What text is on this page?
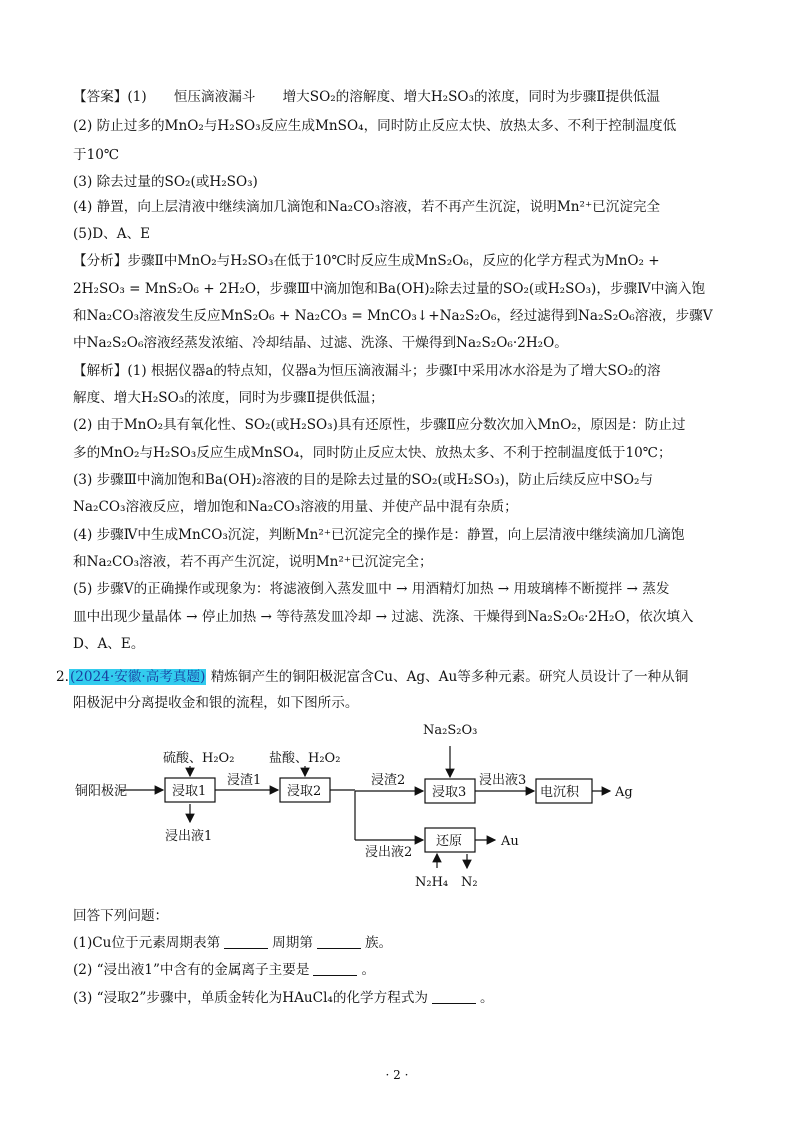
【答案】(1)　　恒压滴液漏斗　　增大SO₂的溶解度、增大H₂SO₃的浓度，同时为步骤Ⅱ提供低温
(2) 防止过多的MnO₂与H₂SO₃反应生成MnSO₄，同时防止反应太快、放热太多、不利于控制温度低
于10℃
(3) 除去过量的SO₂(或H₂SO₃)
(4) 静置，向上层清液中继续滴加几滴饱和Na₂CO₃溶液，若不再产生沉淀，说明Mn²⁺已沉淀完全
(5)D、A、E
【分析】步骤Ⅱ中MnO₂与H₂SO₃在低于10℃时反应生成MnS₂O₆，反应的化学方程式为MnO₂ +
2H₂SO₃ = MnS₂O₆ + 2H₂O，步骤Ⅲ中滴加饱和Ba(OH)₂除去过量的SO₂(或H₂SO₃)，步骤Ⅳ中滴入饱
和Na₂CO₃溶液发生反应MnS₂O₆ + Na₂CO₃ = MnCO₃↓+Na₂S₂O₆，经过滤得到Na₂S₂O₆溶液，步骤Ⅴ
中Na₂S₂O₆溶液经蒸发浓缩、冷却结晶、过滤、洗涤、干燥得到Na₂S₂O₆·2H₂O。
【解析】(1) 根据仪器a的特点知，仪器a为恒压滴液漏斗；步骤Ⅰ中采用冰水浴是为了增大SO₂的溶
解度、增大H₂SO₃的浓度，同时为步骤Ⅱ提供低温；
(2) 由于MnO₂具有氧化性、SO₂(或H₂SO₃)具有还原性，步骤Ⅱ应分数次加入MnO₂，原因是：防止过
多的MnO₂与H₂SO₃反应生成MnSO₄，同时防止反应太快、放热太多、不利于控制温度低于10℃；
(3) 步骤Ⅲ中滴加饱和Ba(OH)₂溶液的目的是除去过量的SO₂(或H₂SO₃)，防止后续反应中SO₂与
Na₂CO₃溶液反应，增加饱和Na₂CO₃溶液的用量、并使产品中混有杂质；
(4) 步骤Ⅳ中生成MnCO₃沉淀，判断Mn²⁺已沉淀完全的操作是：静置，向上层清液中继续滴加几滴饱
和Na₂CO₃溶液，若不再产生沉淀，说明Mn²⁺已沉淀完全；
(5) 步骤Ⅴ的正确操作或现象为：将滤液倒入蒸发皿中 → 用酒精灯加热 → 用玻璃棒不断搅拌 → 蒸发
皿中出现少量晶体 → 停止加热 → 等待蒸发皿冷却 → 过滤、洗涤、干燥得到Na₂S₂O₆·2H₂O，依次填入
D、A、E。
2.(2024·安徽·高考真题) 精炼铜产生的铜阳极泥富含Cu、Ag、Au等多种元素。研究人员设计了一种从铜
阳极泥中分离提收金和银的流程，如下图所示。
硫酸、H₂O₂	盐酸、H₂O₂
Na₂S₂O₃
铜阳极泥	浸取1	浸取2	浸取3	电沉积
还原
浸渣1	浸渣2	浸出液3
浸出液2
浸出液1
Ag
Au
N₂H₄ N₂
回答下列问题：
(1)Cu位于元素周期表第	周期第	族。
(2) “浸出液1”中含有的金属离子主要是	。
(3) “浸取2”步骤中，单质金转化为HAuCl₄的化学方程式为	。
· 2 ·
